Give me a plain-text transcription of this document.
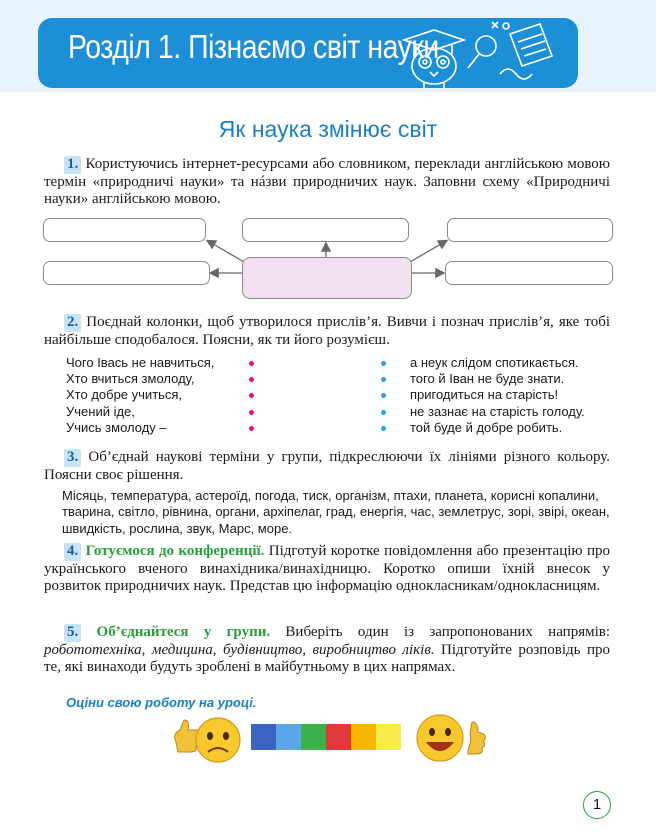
Розділ 1. Пізнаємо світ науки
Як наука змінює світ
1. Користуючись інтернет-ресурсами або словником, переклади англійською мовою термін «природничі науки» та нáзви природничих наук. Заповни схему «Природничі науки» англійською мовою.
2. Поєднай колонки, щоб утворилося прислів’я. Вивчи і познач прислів’я, яке тобі найбільше сподобалося. Поясни, як ти його розумієш.
Чого Івась не навчиться,
Хто вчиться змолоду,
Хто добре учиться,
Учений іде,
Учись змолоду –
а неук слідом спотикається.
того й Іван не буде знати.
пригодиться на старість!
не зазнає на старість голоду.
той буде й добре робить.
3. Об’єднай наукові терміни у групи, підкреслюючи їх лініями різного кольору. Поясни своє рішення.
Місяць, температура, астероїд, погода, тиск, організм, птахи, планета, корисні копалини, тварина, світло, рівнина, органи, архіпелаг, град, енергія, час, землетрус, зорі, звірі, океан, швидкість, рослина, звук, Марс, море.
4. Готуємося до конференції. Підготуй коротке повідомлення або презентацію про українського вченого винахідника/винахідницю. Коротко опиши їхній внесок у розвиток природничих наук. Представ цю інформацію однокласникам/однокласницям.
5. Об’єднайтеся у групи. Виберіть один із запропонованих напрямів: робототехніка, медицина, будівництво, виробництво ліків. Підготуйте розповідь про те, які винаходи будуть зроблені в майбутньому в цих напрямах.
Оціни свою роботу на уроці.
1
